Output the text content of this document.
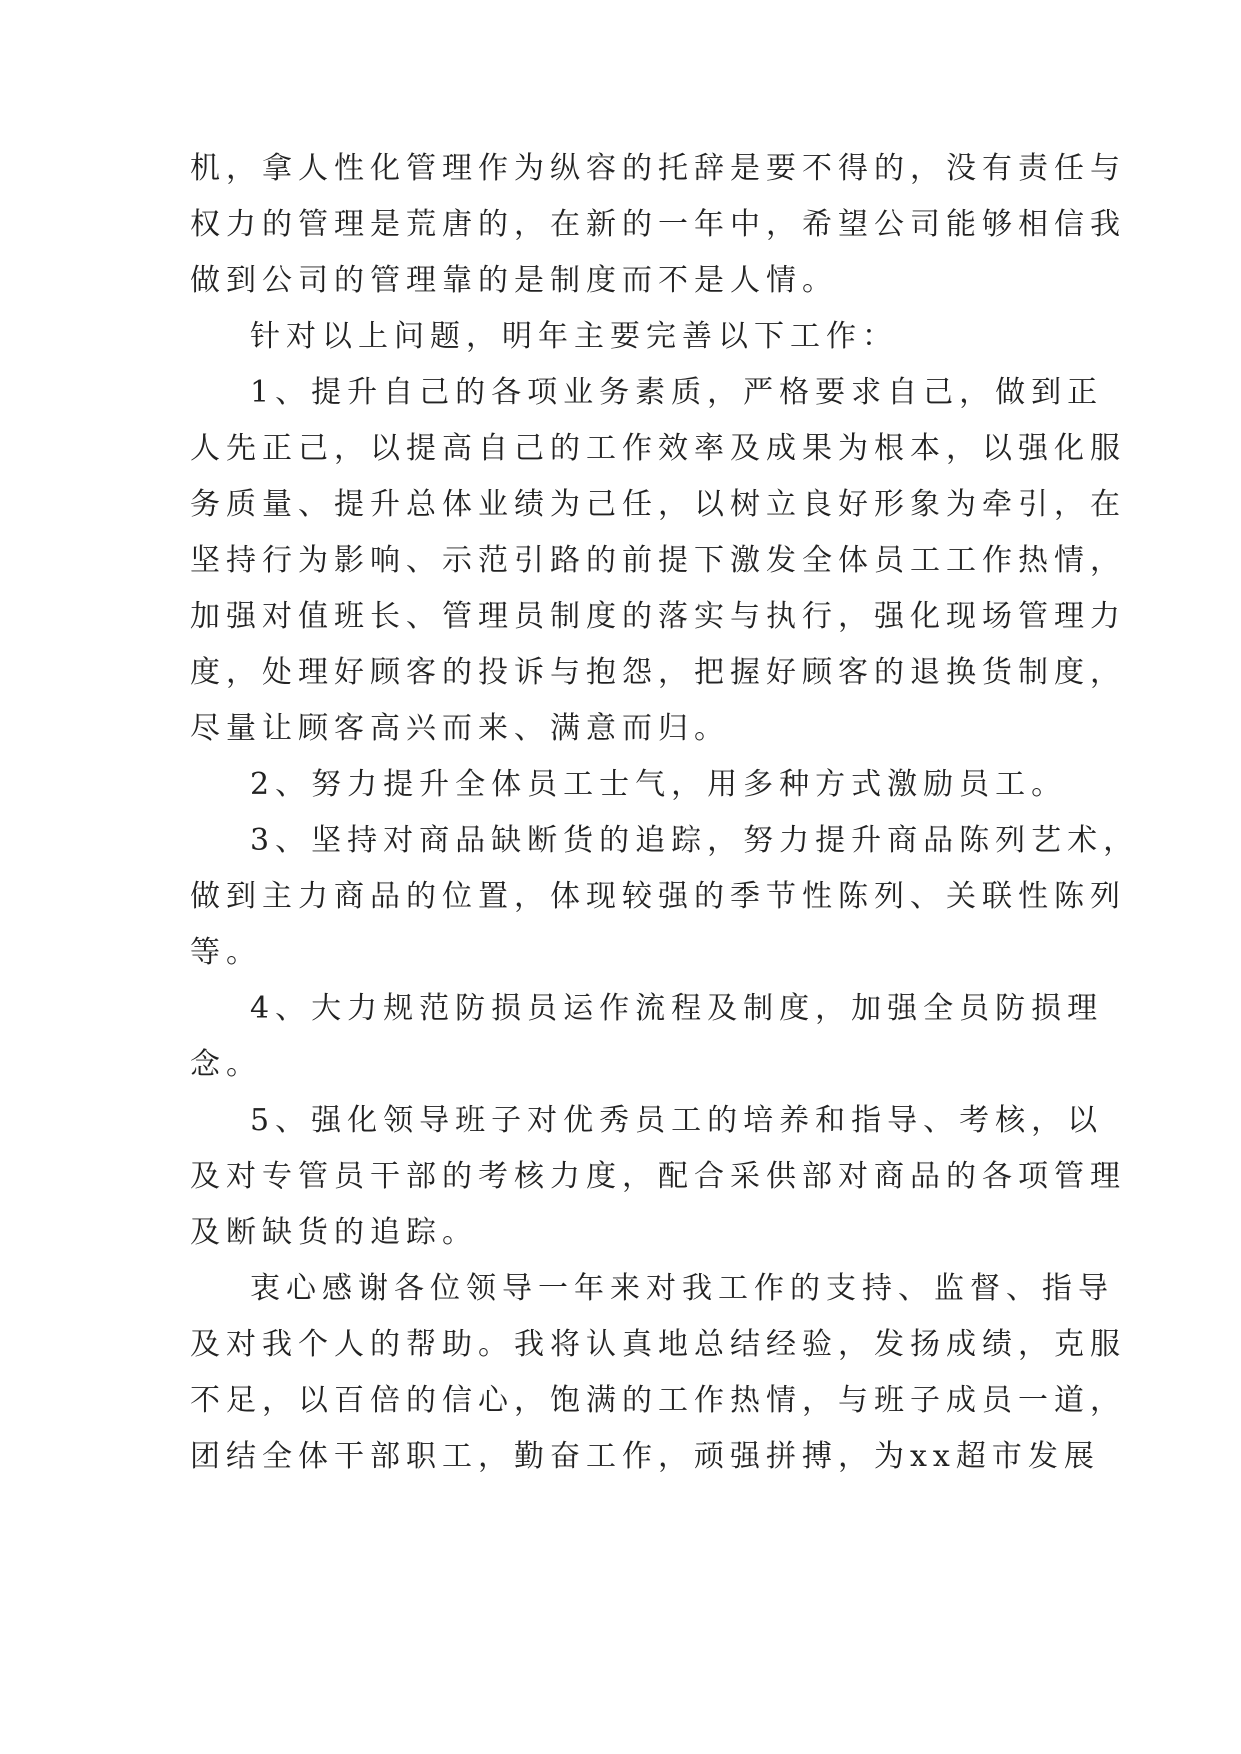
机，拿人性化管理作为纵容的托辞是要不得的，没有责任与
权力的管理是荒唐的，在新的一年中，希望公司能够相信我
做到公司的管理靠的是制度而不是人情。
针对以上问题，明年主要完善以下工作：
1、提升自己的各项业务素质，严格要求自己，做到正
人先正己，以提高自己的工作效率及成果为根本，以强化服
务质量、提升总体业绩为己任，以树立良好形象为牵引，在
坚持行为影响、示范引路的前提下激发全体员工工作热情，
加强对值班长、管理员制度的落实与执行，强化现场管理力
度，处理好顾客的投诉与抱怨，把握好顾客的退换货制度，
尽量让顾客高兴而来、满意而归。
2、努力提升全体员工士气，用多种方式激励员工。
3、坚持对商品缺断货的追踪，努力提升商品陈列艺术，
做到主力商品的位置，体现较强的季节性陈列、关联性陈列
等。
4、大力规范防损员运作流程及制度，加强全员防损理
念。
5、强化领导班子对优秀员工的培养和指导、考核，以
及对专管员干部的考核力度，配合采供部对商品的各项管理
及断缺货的追踪。
衷心感谢各位领导一年来对我工作的支持、监督、指导
及对我个人的帮助。我将认真地总结经验，发扬成绩，克服
不足，以百倍的信心，饱满的工作热情，与班子成员一道，
团结全体干部职工，勤奋工作，顽强拼搏，为xx超市发展
